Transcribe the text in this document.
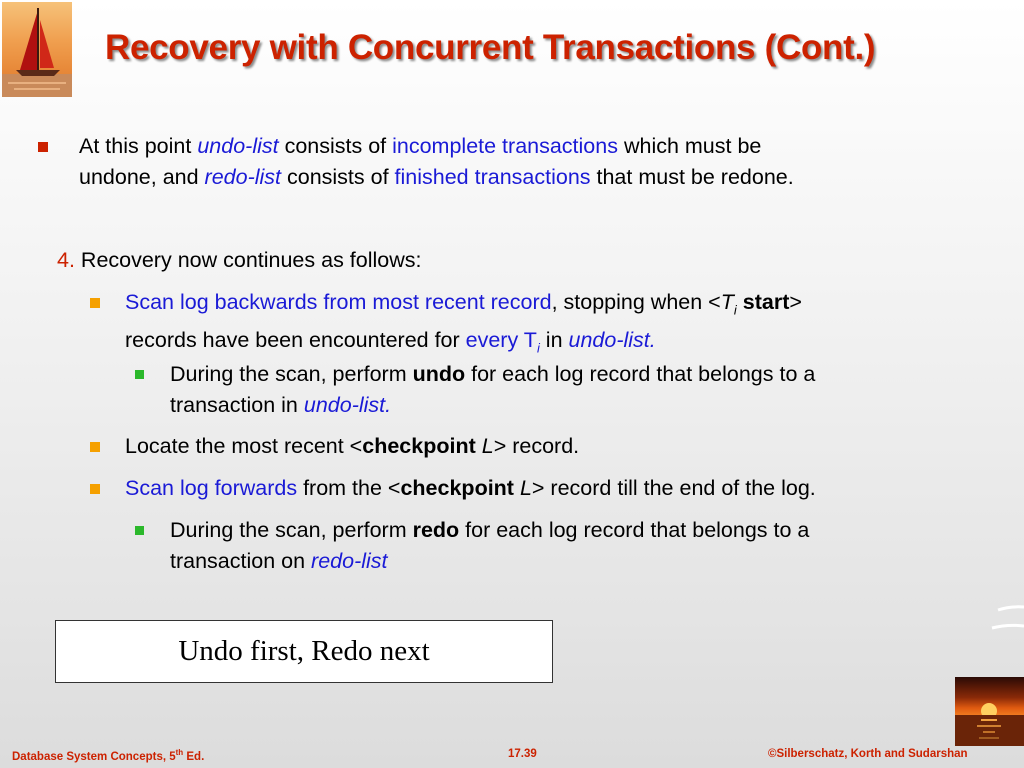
Recovery with Concurrent Transactions (Cont.)
At this point undo-list consists of incomplete transactions which must be
undone, and redo-list consists of finished transactions that must be redone.
4. Recovery now continues as follows:
Scan log backwards from most recent record, stopping when $<T_i$ start>
records have been encountered for every $T_i$ in undo-list.
During the scan, perform undo for each log record that belongs to a
transaction in undo-list.
Locate the most recent <checkpoint L> record.
Scan log forwards from the <checkpoint L> record till the end of the log.
During the scan, perform redo for each log record that belongs to a
transaction on redo-list
Undo first, Redo next
Database System Concepts, 5th Ed.	17.39	©Silberschatz, Korth and Sudarshan
